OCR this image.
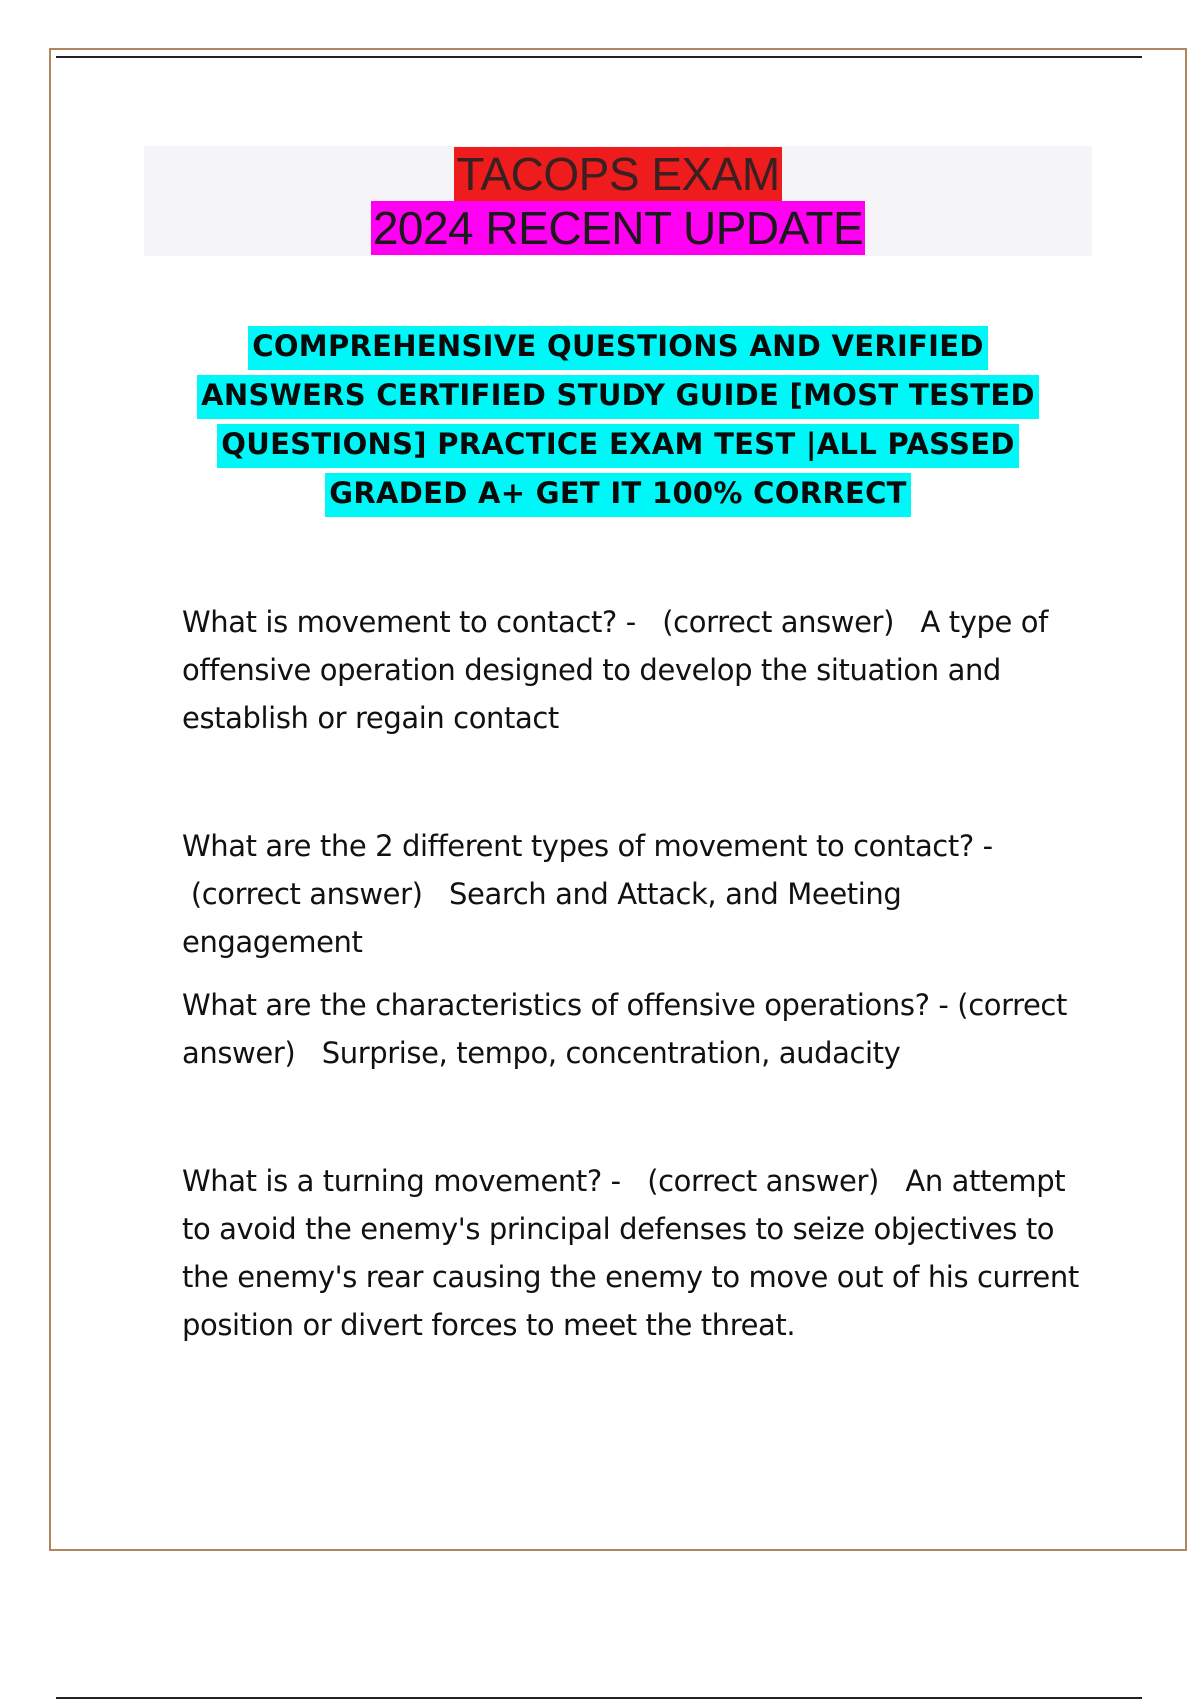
TACOPS EXAM
2024 RECENT UPDATE
COMPREHENSIVE QUESTIONS AND VERIFIED
ANSWERS CERTIFIED STUDY GUIDE [MOST TESTED
QUESTIONS] PRACTICE EXAM TEST |ALL PASSED
GRADED A+ GET IT 100% CORRECT
What is movement to contact? - (correct answer) A type of offensive operation designed to develop the situation and establish or regain contact
What are the 2 different types of movement to contact? - (correct answer) Search and Attack, and Meeting engagement
What are the characteristics of offensive operations? - (correct answer) Surprise, tempo, concentration, audacity
What is a turning movement? - (correct answer) An attempt to avoid the enemy's principal defenses to seize objectives to the enemy's rear causing the enemy to move out of his current position or divert forces to meet the threat.
